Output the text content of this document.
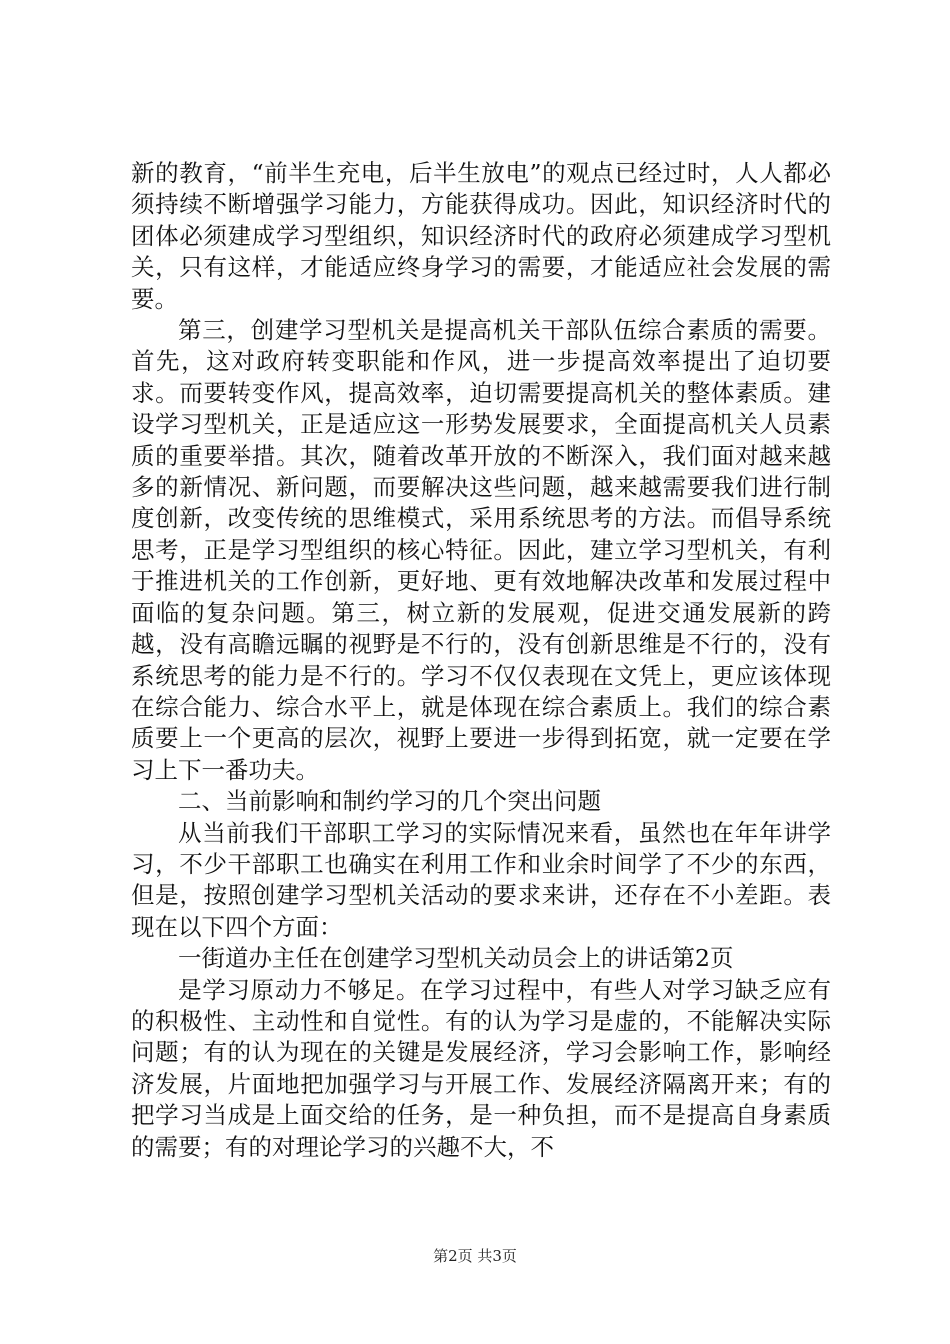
新的教育，“前半生充电，后半生放电”的观点已经过时，人人都必须持续不断增强学习能力，方能获得成功。因此，知识经济时代的团体必须建成学习型组织，知识经济时代的政府必须建成学习型机关，只有这样，才能适应终身学习的需要，才能适应社会发展的需要。

第三，创建学习型机关是提高机关干部队伍综合素质的需要。首先，这对政府转变职能和作风，进一步提高效率提出了迫切要求。而要转变作风，提高效率，迫切需要提高机关的整体素质。建设学习型机关，正是适应这一形势发展要求，全面提高机关人员素质的重要举措。其次，随着改革开放的不断深入，我们面对越来越多的新情况、新问题，而要解决这些问题，越来越需要我们进行制度创新，改变传统的思维模式，采用系统思考的方法。而倡导系统思考，正是学习型组织的核心特征。因此，建立学习型机关，有利于推进机关的工作创新，更好地、更有效地解决改革和发展过程中面临的复杂问题。第三，树立新的发展观，促进交通发展新的跨越，没有高瞻远瞩的视野是不行的，没有创新思维是不行的，没有系统思考的能力是不行的。学习不仅仅表现在文凭上，更应该体现在综合能力、综合水平上，就是体现在综合素质上。我们的综合素质要上一个更高的层次，视野上要进一步得到拓宽，就一定要在学习上下一番功夫。

二、当前影响和制约学习的几个突出问题

从当前我们干部职工学习的实际情况来看，虽然也在年年讲学习，不少干部职工也确实在利用工作和业余时间学了不少的东西，但是，按照创建学习型机关活动的要求来讲，还存在不小差距。表现在以下四个方面：

一街道办主任在创建学习型机关动员会上的讲话第2页

是学习原动力不够足。在学习过程中，有些人对学习缺乏应有的积极性、主动性和自觉性。有的认为学习是虚的，不能解决实际问题；有的认为现在的关键是发展经济，学习会影响工作，影响经济发展，片面地把加强学习与开展工作、发展经济隔离开来；有的把学习当成是上面交给的任务，是一种负担，而不是提高自身素质的需要；有的对理论学习的兴趣不大，不

第2页 共3页
